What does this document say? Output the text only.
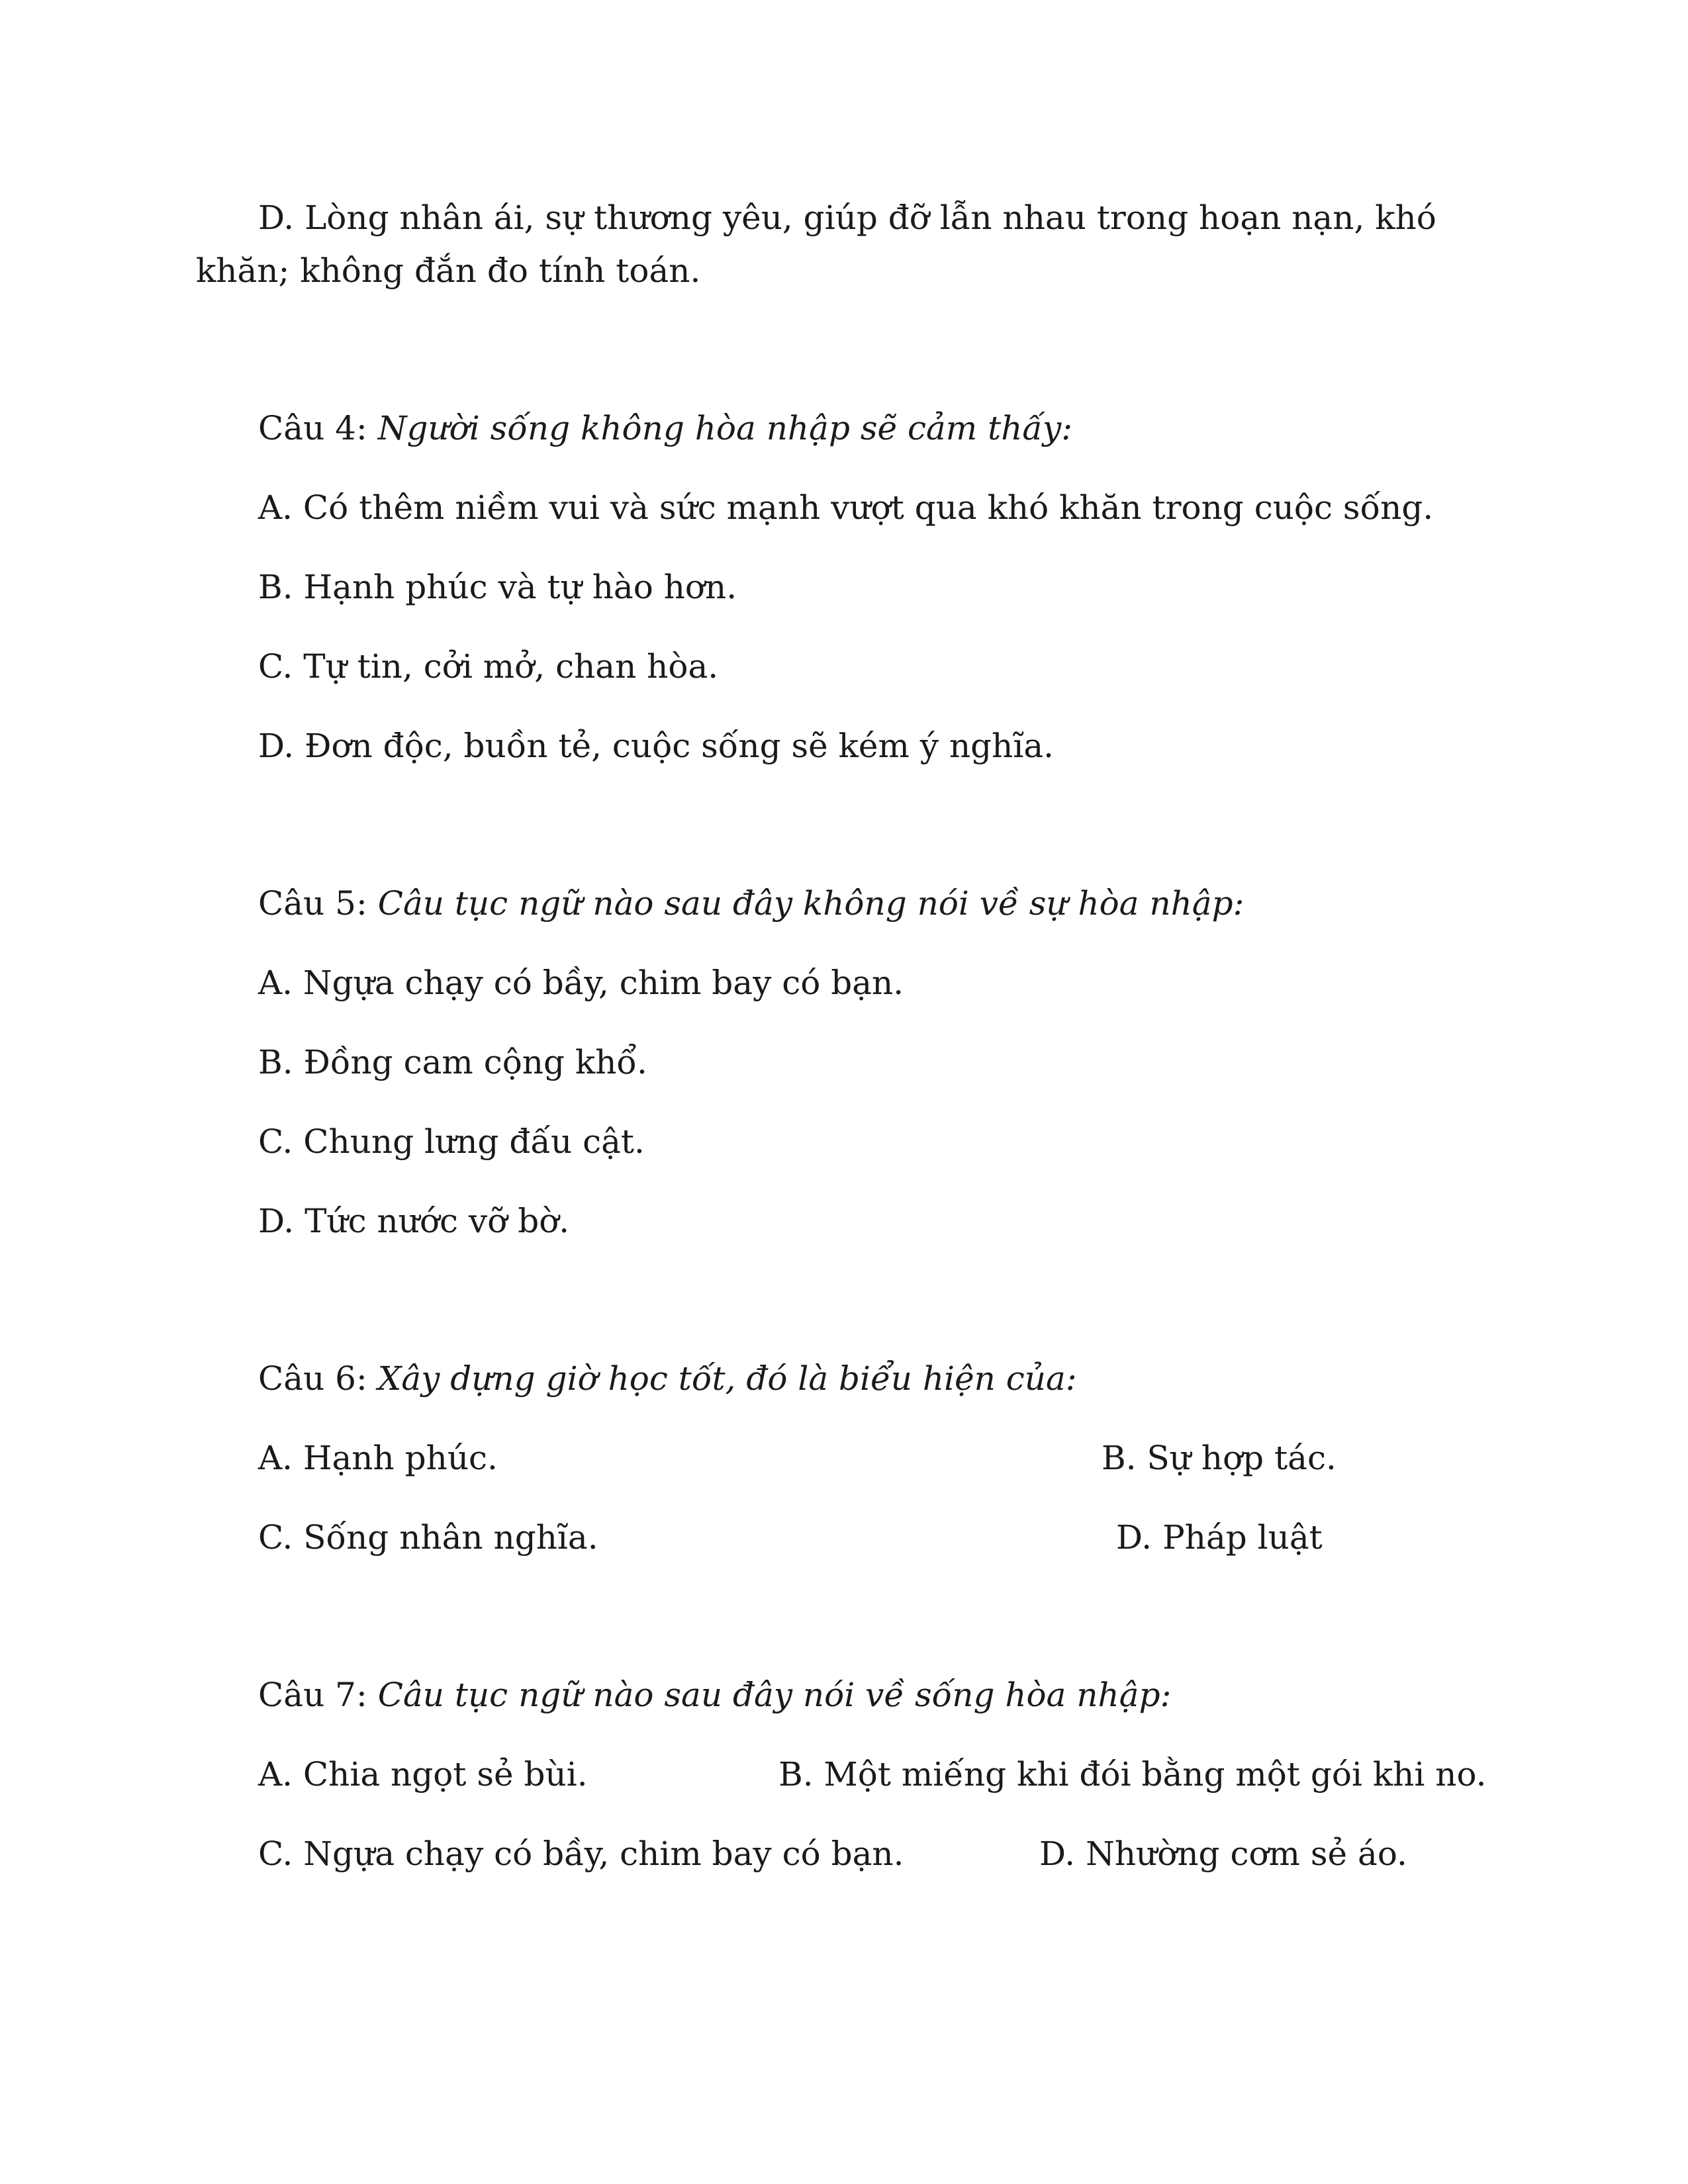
D. Lòng nhân ái, sự thương yêu, giúp đỡ lẫn nhau trong hoạn nạn, khó
khăn; không đắn đo tính toán.
Câu 4: Người sống không hòa nhập sẽ cảm thấy:
A. Có thêm niềm vui và sức mạnh vượt qua khó khăn trong cuộc sống.
B. Hạnh phúc và tự hào hơn.
C. Tự tin, cởi mở, chan hòa.
D. Đơn độc, buồn tẻ, cuộc sống sẽ kém ý nghĩa.
Câu 5: Câu tục ngữ nào sau đây không nói về sự hòa nhập:
A. Ngựa chạy có bầy, chim bay có bạn.
B. Đồng cam cộng khổ.
C. Chung lưng đấu cật.
D. Tức nước vỡ bờ.
Câu 6: Xây dựng giờ học tốt, đó là biểu hiện của:
A. Hạnh phúc.	B. Sự hợp tác.
C. Sống nhân nghĩa.	D. Pháp luật
Câu 7: Câu tục ngữ nào sau đây nói về sống hòa nhập:
A. Chia ngọt sẻ bùi.	B. Một miếng khi đói bằng một gói khi no.
C. Ngựa chạy có bầy, chim bay có bạn.	D. Nhường cơm sẻ áo.
